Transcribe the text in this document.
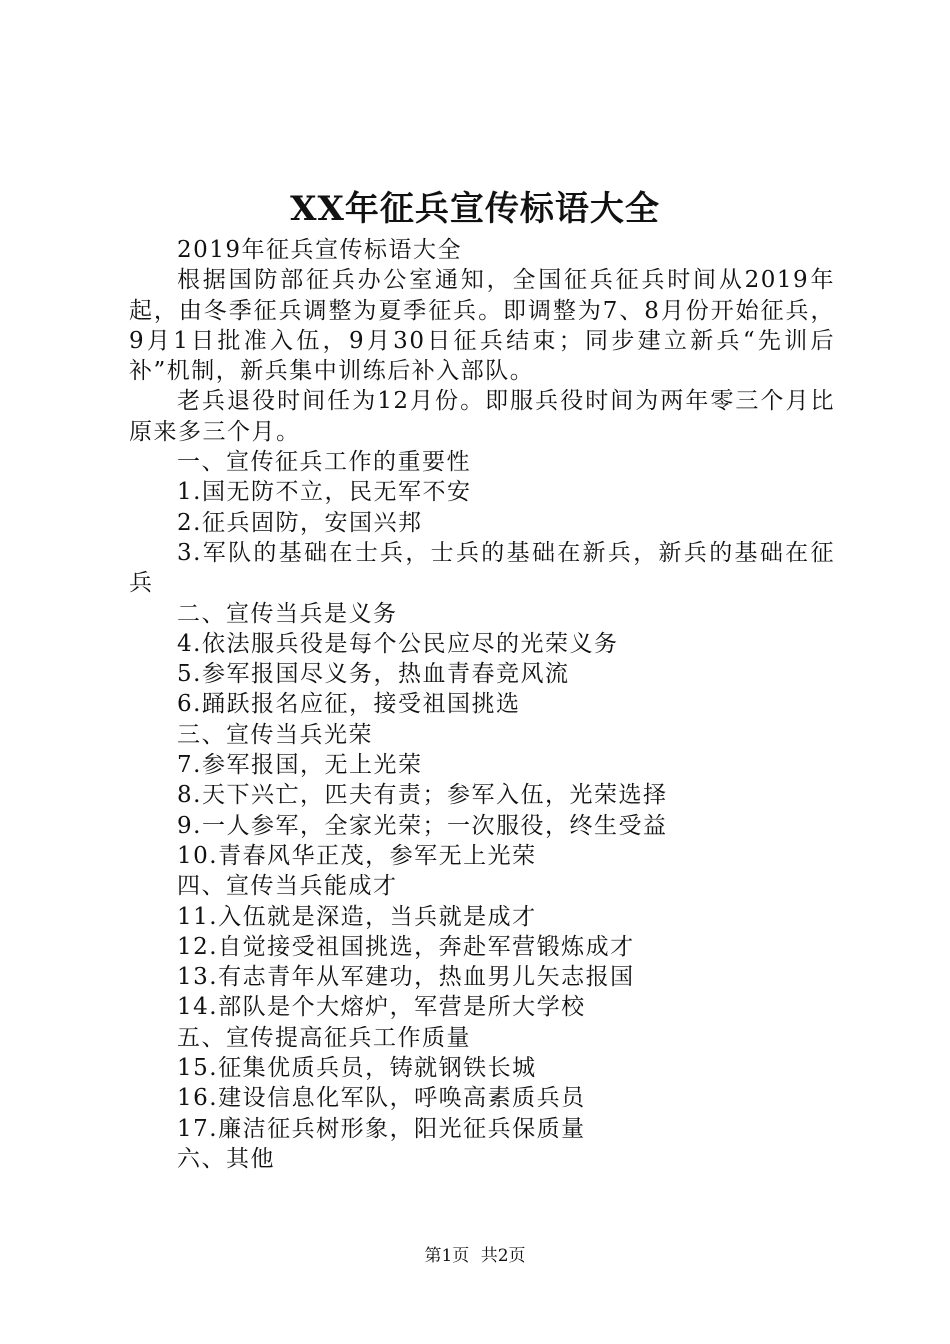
XX年征兵宣传标语大全

2019年征兵宣传标语大全

根据国防部征兵办公室通知，全国征兵征兵时间从2019年起，由冬季征兵调整为夏季征兵。即调整为7、8月份开始征兵，9月1日批准入伍，9月30日征兵结束；同步建立新兵“先训后补”机制，新兵集中训练后补入部队。

老兵退役时间任为12月份。即服兵役时间为两年零三个月比原来多三个月。

一、宣传征兵工作的重要性

1.国无防不立，民无军不安

2.征兵固防，安国兴邦

3.军队的基础在士兵，士兵的基础在新兵，新兵的基础在征兵

二、宣传当兵是义务

4.依法服兵役是每个公民应尽的光荣义务

5.参军报国尽义务，热血青春竞风流

6.踊跃报名应征，接受祖国挑选

三、宣传当兵光荣

7.参军报国，无上光荣

8.天下兴亡，匹夫有责；参军入伍，光荣选择

9.一人参军，全家光荣；一次服役，终生受益

10.青春风华正茂，参军无上光荣

四、宣传当兵能成才

11.入伍就是深造，当兵就是成才

12.自觉接受祖国挑选，奔赴军营锻炼成才

13.有志青年从军建功，热血男儿矢志报国

14.部队是个大熔炉，军营是所大学校

五、宣传提高征兵工作质量

15.征集优质兵员，铸就钢铁长城

16.建设信息化军队，呼唤高素质兵员

17.廉洁征兵树形象，阳光征兵保质量

六、其他

第1页 共2页
